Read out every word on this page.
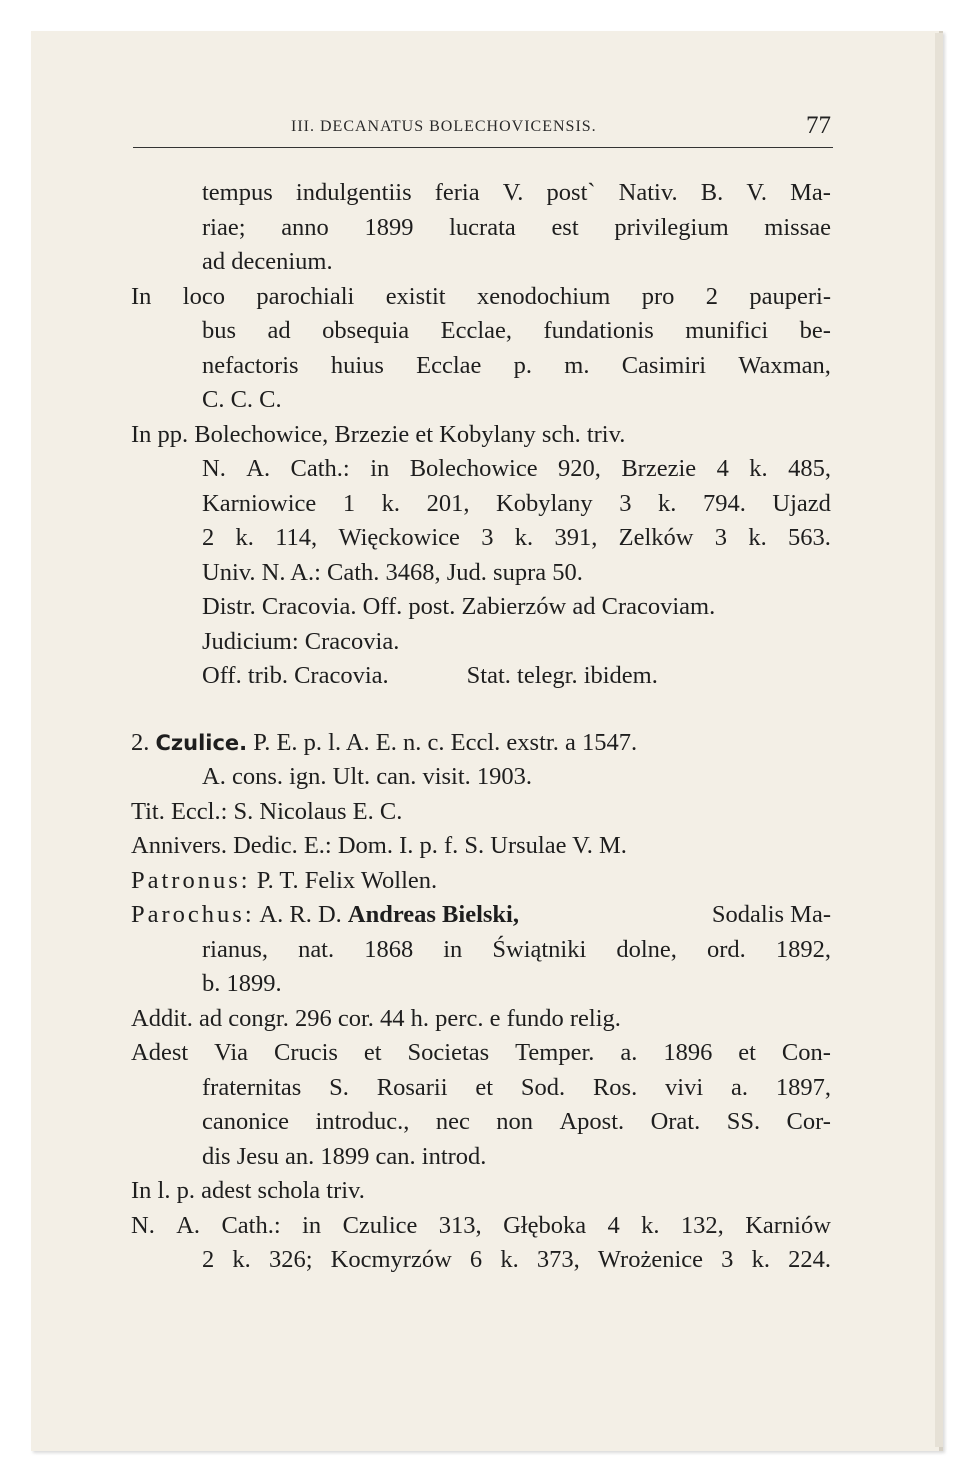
III. DECANATUS BOLECHOVICENSIS.	77
tempus indulgentiis feria V. post` Nativ. B. V. Ma-
riae; anno 1899 lucrata est privilegium missae
ad decenium.
In loco parochiali existit xenodochium pro 2 pauperi-
bus ad obsequia Ecclae, fundationis munifici be-
nefactoris huius Ecclae p. m. Casimiri Waxman,
C. C. C.
In pp. Bolechowice, Brzezie et Kobylany sch. triv.
N. A. Cath.: in Bolechowice 920, Brzezie 4 k. 485,
Karniowice 1 k. 201, Kobylany 3 k. 794. Ujazd
2 k. 114, Więckowice 3 k. 391, Zelków 3 k. 563.
Univ. N. A.: Cath. 3468, Jud. supra 50.
Distr. Cracovia. Off. post. Zabierzów ad Cracoviam.
Judicium: Cracovia.
Off. trib. Cracovia.	Stat. telegr. ibidem.
2. Czulice. P. E. p. l. A. E. n. c. Eccl. exstr. a 1547.
A. cons. ign. Ult. can. visit. 1903.
Tit. Eccl.: S. Nicolaus E. C.
Annivers. Dedic. E.: Dom. I. p. f. S. Ursulae V. M.
Patronus: P. T. Felix Wollen.
Parochus: A. R. D. Andreas Bielski,	Sodalis Ma-
rianus, nat. 1868 in Świątniki dolne, ord. 1892,
b. 1899.
Addit. ad congr. 296 cor. 44 h. perc. e fundo relig.
Adest Via Crucis et Societas Temper. a. 1896 et Con-
fraternitas S. Rosarii et Sod. Ros. vivi a. 1897,
canonice introduc., nec non Apost. Orat. SS. Cor-
dis Jesu an. 1899 can. introd.
In l. p. adest schola triv.
N. A. Cath.: in Czulice 313, Głęboka 4 k. 132, Karniów
2 k. 326; Kocmyrzów 6 k. 373, Wrożenice 3 k. 224.
